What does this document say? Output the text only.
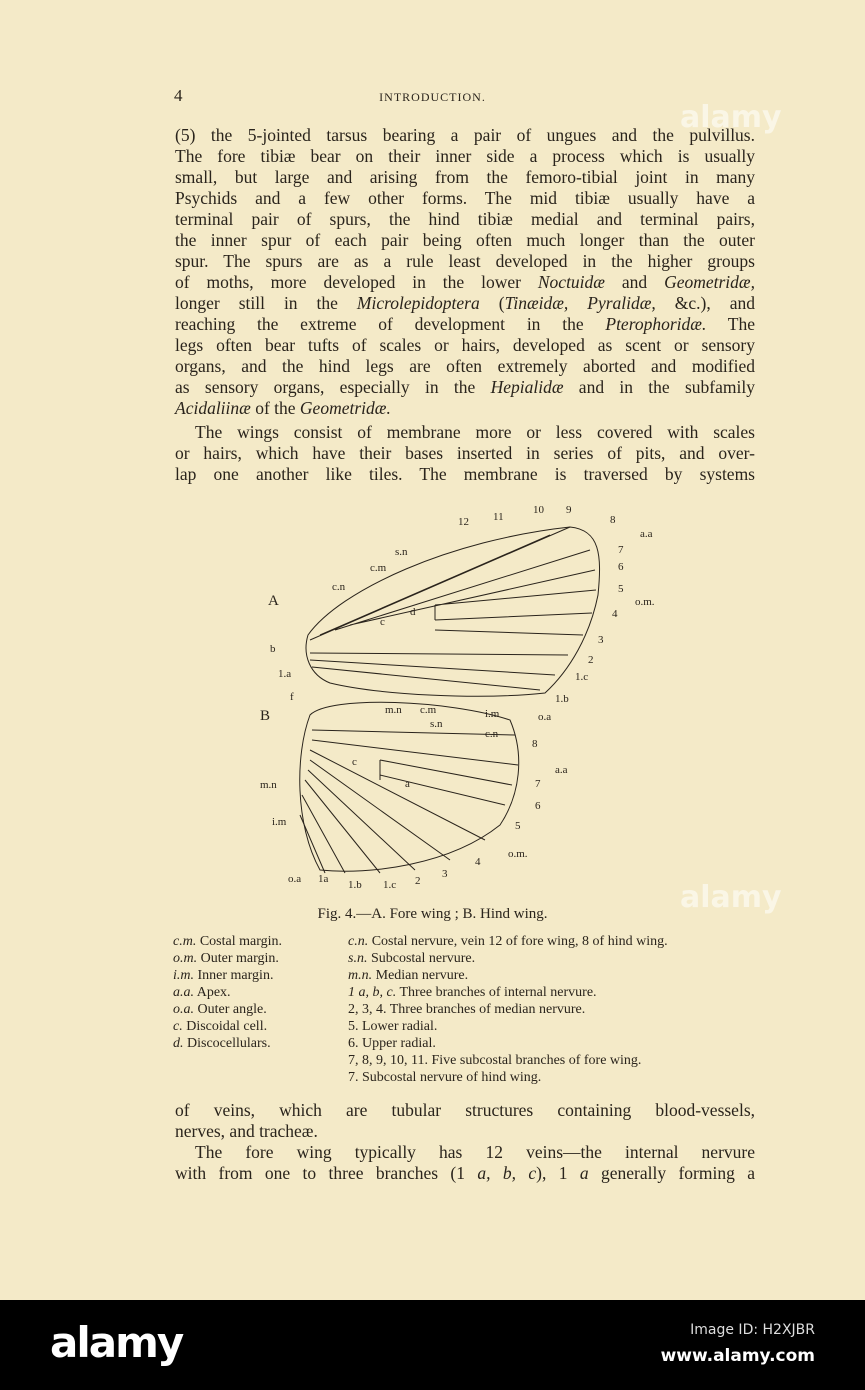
4	INTRODUCTION.
(5) the 5-jointed tarsus bearing a pair of ungues and the pulvillus.
The fore tibiæ bear on their inner side a process which is usually
small, but large and arising from the femoro-tibial joint in many
Psychids and a few other forms. The mid tibiæ usually have a
terminal pair of spurs, the hind tibiæ medial and terminal pairs,
the inner spur of each pair being often much longer than the outer
spur. The spurs are as a rule least developed in the higher groups
of moths, more developed in the lower Noctuidæ and Geometridæ,
longer still in the Microlepidoptera (Tinæidæ, Pyralidæ, &c.), and
reaching the extreme of development in the Pterophoridæ. The
legs often bear tufts of scales or hairs, developed as scent or sensory
organs, and the hind legs are often extremely aborted and modified
as sensory organs, especially in the Hepialidæ and in the subfamily
Acidaliinæ of the Geometridæ.
The wings consist of membrane more or less covered with scales
or hairs, which have their bases inserted in series of pits, and over-
lap one another like tiles. The membrane is traversed by systems
12 11
10 9
8
a.a
7
6
5
o.m.
4
3
2
1.c
1.b
o.a
s.n
c.m
c.n
A
d
c
b
1.a
f
B	m.n c.m
s.n
i.m
c.n
8
a.a
c
a	7
6
5
o.m.
4
3
2
m.n
i.m
o.a 1a 1.b 1.c
Fig. 4.—A. Fore wing ; B. Hind wing.
c.m. Costal margin.
o.m. Outer margin.
i.m. Inner margin.
a.a. Apex.
o.a. Outer angle.
c. Discoidal cell.
d. Discocellulars.
c.n. Costal nervure, vein 12 of fore wing, 8 of hind wing.
s.n. Subcostal nervure.
m.n. Median nervure.
1 a, b, c. Three branches of internal nervure.
2, 3, 4. Three branches of median nervure.
5. Lower radial.
6. Upper radial.
7, 8, 9, 10, 11. Five subcostal branches of fore wing.
7. Subcostal nervure of hind wing.
of veins, which are tubular structures containing blood-vessels,
nerves, and tracheæ.
The fore wing typically has 12 veins—the internal nervure
with from one to three branches (1 a, b, c), 1 a generally forming a
alamy
alamy
alamy	Image ID: H2XJBR
www.alamy.com
